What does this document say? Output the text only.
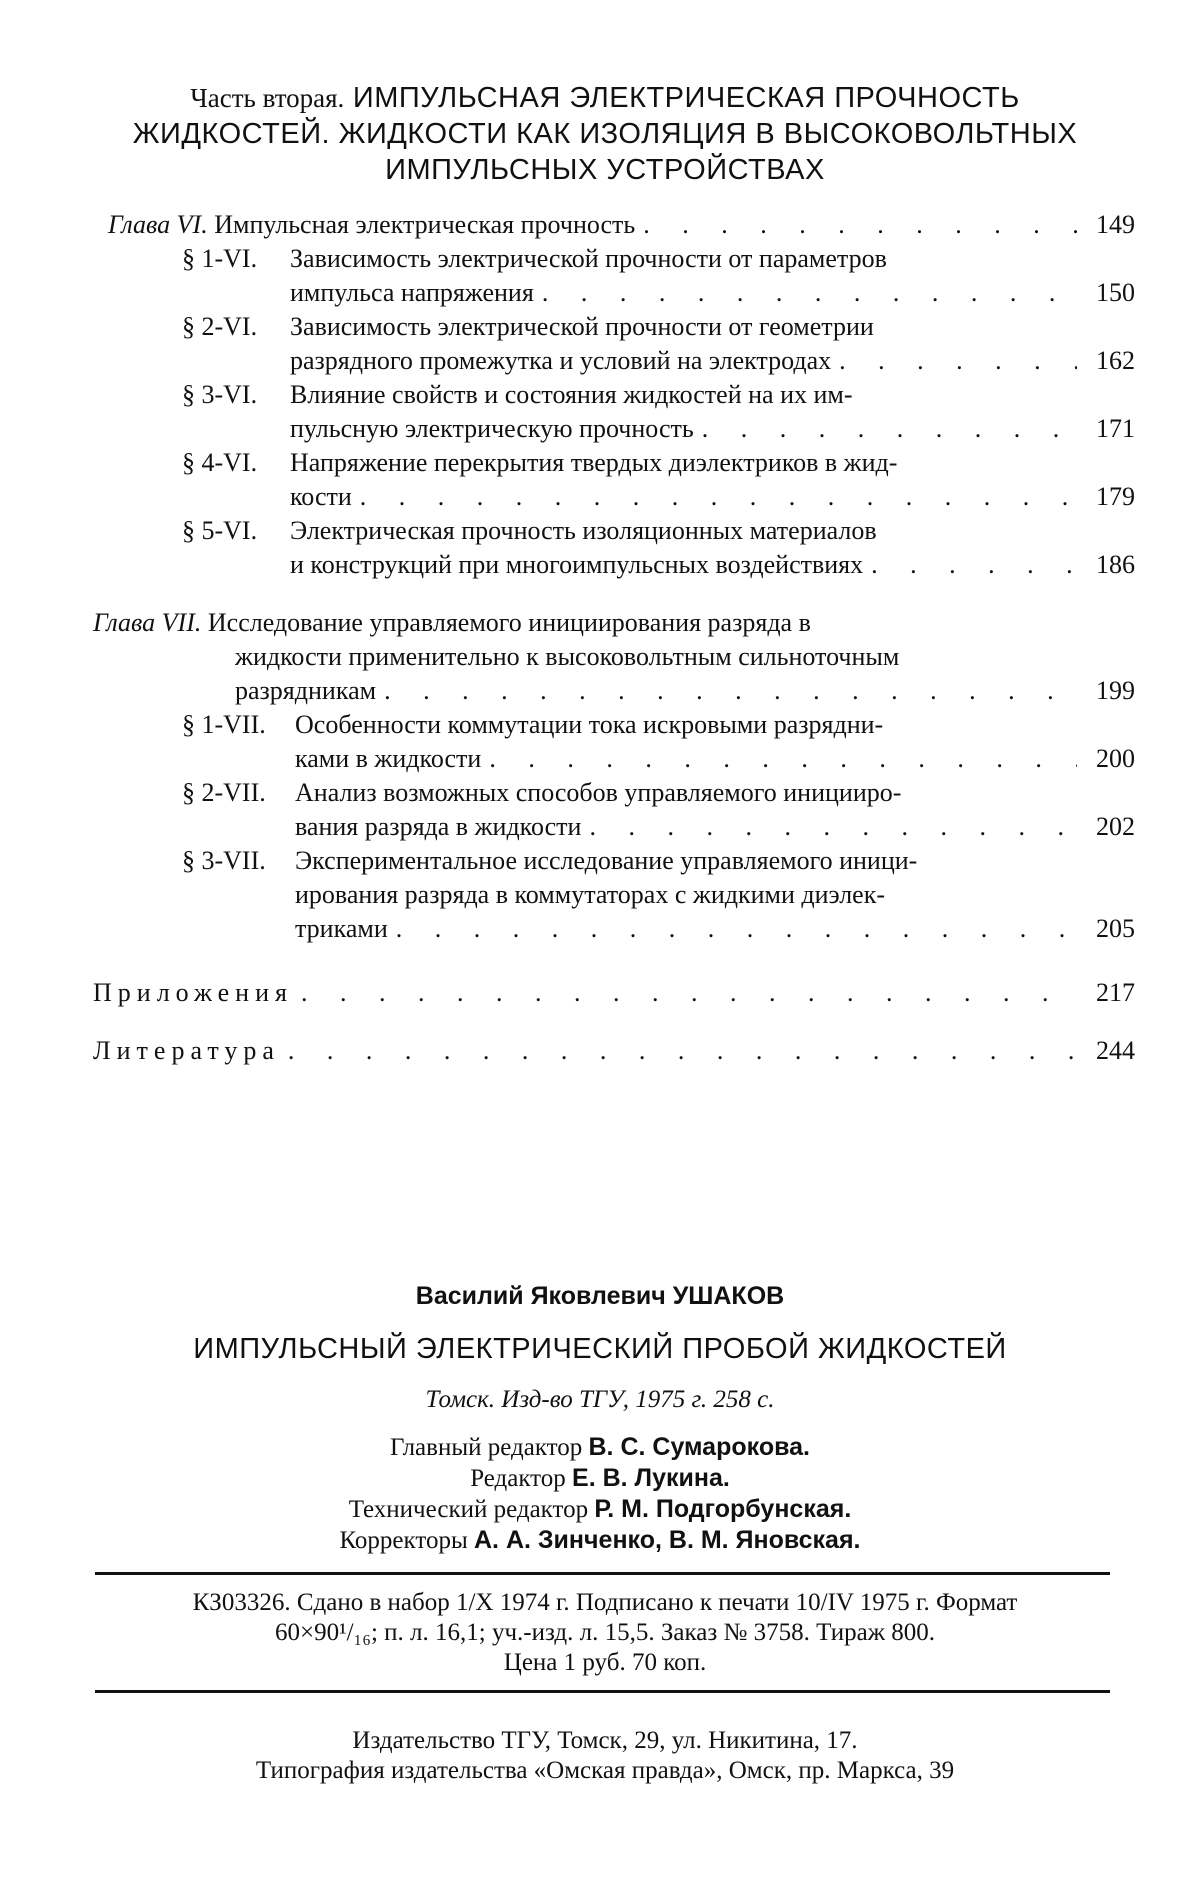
Часть вторая. ИМПУЛЬСНАЯ ЭЛЕКТРИЧЕСКАЯ ПРОЧНОСТЬ
ЖИДКОСТЕЙ. ЖИДКОСТИ КАК ИЗОЛЯЦИЯ В ВЫСОКОВОЛЬТНЫХ
ИМПУЛЬСНЫХ УСТРОЙСТВАХ
Глава VI. Импульсная электрическая прочность . . .	149
§ 1-VI. Зависимость электрической прочности от параметров
импульса напряжения . . .	150
§ 2-VI. Зависимость электрической прочности от геометрии
разрядного промежутка и условий на электродах . . .	162
§ 3-VI. Влияние свойств и состояния жидкостей на их им-
пульсную электрическую прочность . . .	171
§ 4-VI. Напряжение перекрытия твердых диэлектриков в жид-
кости . . .	179
§ 5-VI. Электрическая прочность изоляционных материалов
и конструкций при многоимпульсных воздействиях . . .	186
Глава VII. Исследование управляемого инициирования разряда в
жидкости применительно к высоковольтным сильноточным
разрядникам . . .	199
§ 1-VII. Особенности коммутации тока искровыми разрядни-
ками в жидкости . . .	200
§ 2-VII. Анализ возможных способов управляемого иницииро-
вания разряда в жидкости . . .	202
§ 3-VII. Экспериментальное исследование управляемого иници-
ирования разряда в коммутаторах с жидкими диэлек-
триками . . .	205
Приложения . . .	217
Литература . . .	244
Василий Яковлевич УШАКОВ
ИМПУЛЬСНЫЙ ЭЛЕКТРИЧЕСКИЙ ПРОБОЙ ЖИДКОСТЕЙ
Томск. Изд-во ТГУ, 1975 г. 258 с.
Главный редактор В. С. Сумарокова.
Редактор Е. В. Лукина.
Технический редактор Р. М. Подгорбунская.
Корректоры А. А. Зинченко, В. М. Яновская.
КЗ03326. Сдано в набор 1/X 1974 г. Подписано к печати 10/IV 1975 г. Формат
60×90¹/₁₆; п. л. 16,1; уч.-изд. л. 15,5. Заказ № 3758. Тираж 800.
Цена 1 руб. 70 коп.
Издательство ТГУ, Томск, 29, ул. Никитина, 17.
Типография издательства «Омская правда», Омск, пр. Маркса, 39
